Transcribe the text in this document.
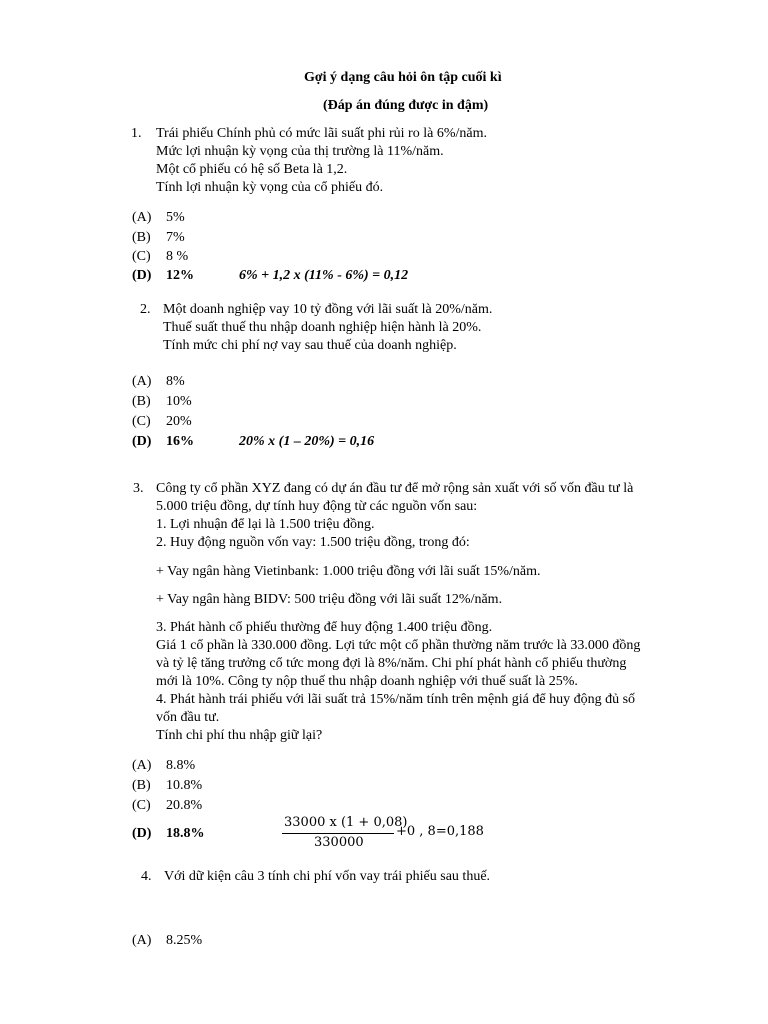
Gợi ý dạng câu hỏi ôn tập cuối kì
(Đáp án đúng được in đậm)
1. Trái phiếu Chính phủ có mức lãi suất phi rủi ro là 6%/năm.
Mức lợi nhuận kỳ vọng của thị trường là 11%/năm.
Một cổ phiếu có hệ số Beta là 1,2.
Tính lợi nhuận kỳ vọng của cổ phiếu đó.
(A) 5%
(B) 7%
(C) 8 %
(D) 12%	6% + 1,2 x (11% - 6%) = 0,12
2. Một doanh nghiệp vay 10 tỷ đồng với lãi suất là 20%/năm.
Thuế suất thuế thu nhập doanh nghiệp hiện hành là 20%.
Tính mức chi phí nợ vay sau thuế của doanh nghiệp.
(A) 8%
(B) 10%
(C) 20%
(D) 16%	20% x (1 – 20%) = 0,16
3. Công ty cổ phần XYZ đang có dự án đầu tư để mở rộng sản xuất với số vốn đầu tư là
5.000 triệu đồng, dự tính huy động từ các nguồn vốn sau:
1. Lợi nhuận để lại là 1.500 triệu đồng.
2. Huy động nguồn vốn vay: 1.500 triệu đồng, trong đó:
+ Vay ngân hàng Vietinbank: 1.000 triệu đồng với lãi suất 15%/năm.
+ Vay ngân hàng BIDV: 500 triệu đồng với lãi suất 12%/năm.
3. Phát hành cổ phiếu thường để huy động 1.400 triệu đồng.
Giá 1 cổ phần là 330.000 đồng. Lợi tức một cổ phần thường năm trước là 33.000 đồng
và tỷ lệ tăng trưởng cổ tức mong đợi là 8%/năm. Chi phí phát hành cổ phiếu thường
mới là 10%. Công ty nộp thuế thu nhập doanh nghiệp với thuế suất là 25%.
4. Phát hành trái phiếu với lãi suất trả 15%/năm tính trên mệnh giá để huy động đủ số
vốn đầu tư.
Tính chi phí thu nhập giữ lại?
(A) 8.8%
(B) 10.8%
(C) 20.8%
(D) 18.8%
33000 x (1 + 0,08)
330000
+0 , 8=0,188
4. Với dữ kiện câu 3 tính chi phí vốn vay trái phiếu sau thuế.
(A) 8.25%
